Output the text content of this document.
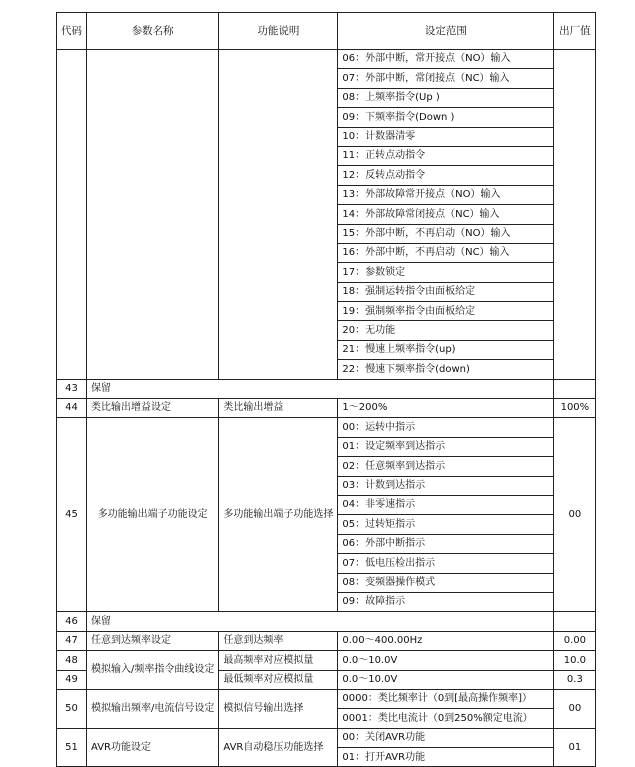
代码	参数名称	功能说明	设定范围	出厂值
			06：外部中断，常开接点（NO）输入	
			07：外部中断，常闭接点（NC）输入	
			08：上频率指令(Up )	
			09：下频率指令(Down )	
			10：计数器清零	
			11：正转点动指令	
			12：反转点动指令	
			13：外部故障常开接点（NO）输入	
			14：外部故障常闭接点（NC）输入	
			15：外部中断，不再启动（NO）输入	
			16：外部中断，不再启动（NC）输入	
			17：参数锁定	
			18：强制运转指令由面板给定	
			19：强制频率指令由面板给定	
			20：无功能	
			21：慢速上频率指令(up)	
			22：慢速下频率指令(down)	
43	保留			
44	类比输出增益设定	类比输出增益	1～200%	100%
45	多功能输出端子功能设定	多功能输出端子功能选择	00：运转中指示	00
			01：设定频率到达指示	
			02：任意频率到达指示	
			03：计数到达指示	
			04：非零速指示	
			05：过转矩指示	
			06：外部中断指示	
			07：低电压检出指示	
			08：变频器操作模式	
			09：故障指示	
46	保留			
47	任意到达频率设定	任意到达频率	0.00～400.00Hz	0.00
48	模拟输入/频率指令曲线设定	最高频率对应模拟量	0.0～10.0V	10.0
49		最低频率对应模拟量	0.0～10.0V	0.3
50	模拟输出频率/电流信号设定	模拟信号输出选择	0000：类比频率计（0到[最高操作频率]）	00
			0001：类比电流计（0到250%额定电流）	
51	AVR功能设定	AVR自动稳压功能选择	00：关闭AVR功能	01
			01：打开AVR功能	
